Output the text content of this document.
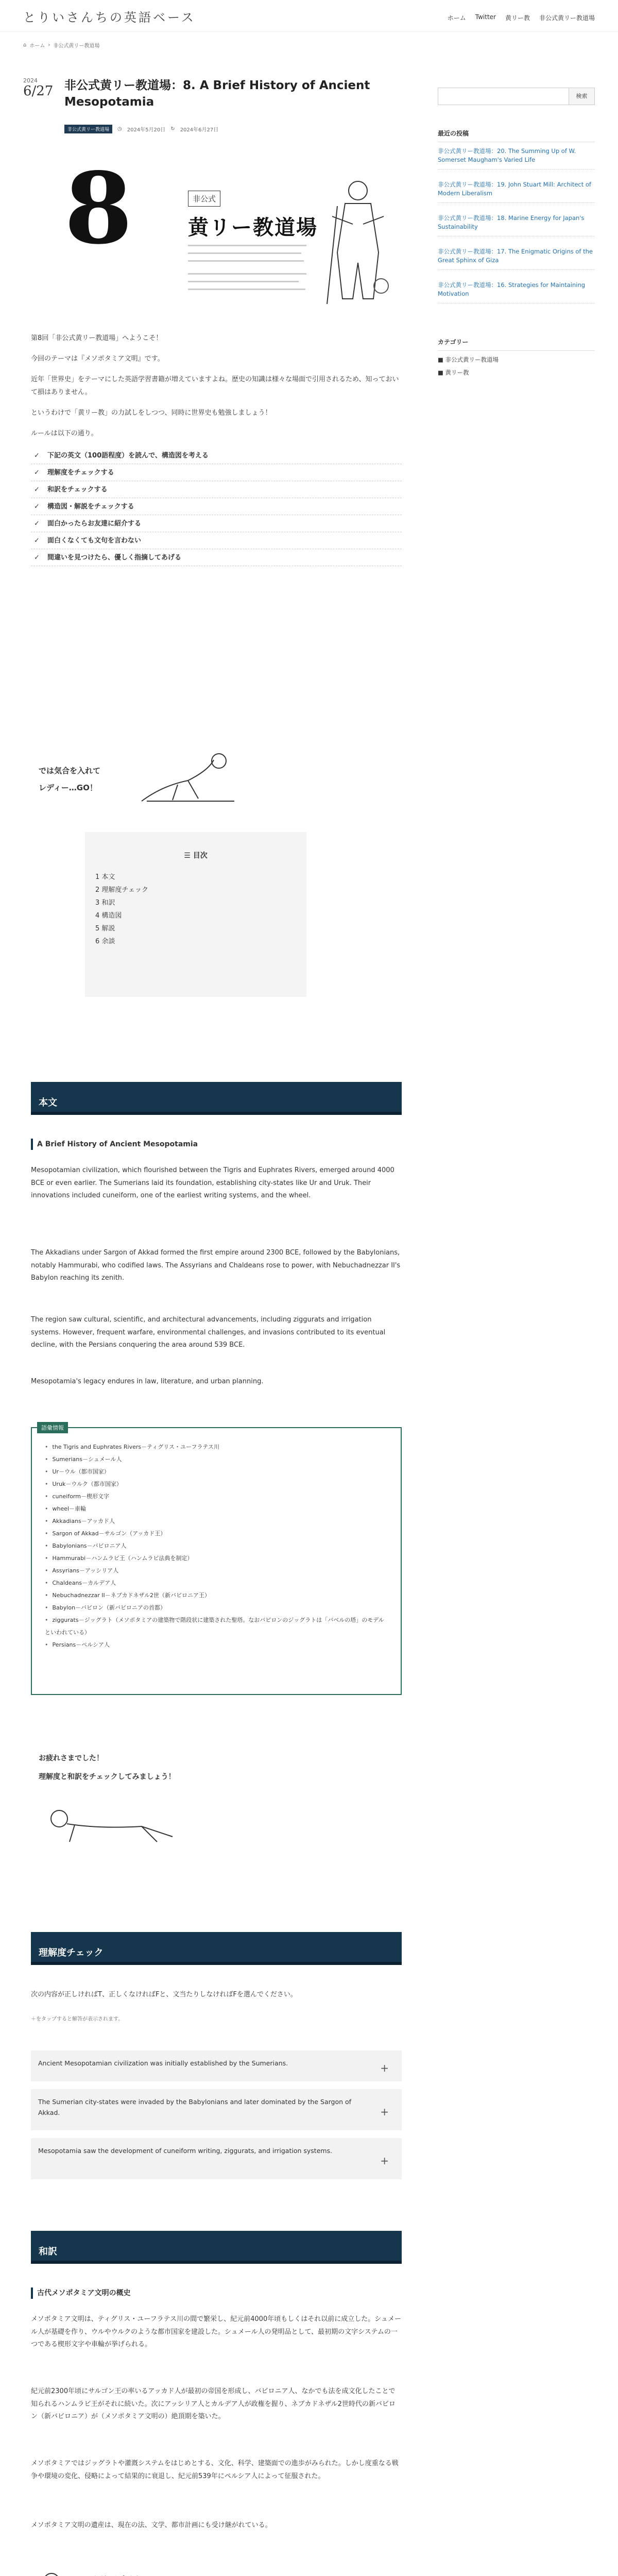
とりいさんちの英語ベース	ホーム Twitter 黄リー教 非公式黄リー教道場
⌂ ホーム › 非公式黄リー教道場
2024
6/27 非公式黄リー教道場：8. A Brief History of Ancient Mesopotamia
非公式黄リー教道場	◷ 2024年5月20日 ↻ 2024年6月27日
8	非公式
黄リー教道場

第8回「非公式黄リー教道場」へようこそ！

今回のテーマは『メソポタミア文明』です。

近年「世界史」をテーマにした英語学習書籍が増えていますよね。歴史の知識は様々な場面で引用されるため、知っておいて損はありません。

というわけで「黄リー教」の力試しをしつつ、同時に世界史も勉強しましょう！

ルールは以下の通り。

✓	下記の英文（100語程度）を読んで、構造図を考える
✓	理解度をチェックする
✓	和訳をチェックする
✓	構造図・解説をチェックする
✓	面白かったらお友達に紹介する
✓	面白くなくても文句を言わない
✓	間違いを見つけたら、優しく指摘してあげる
では気合を入れて
レディー…GO！
☰ 目次
1 本文
2 理解度チェック
3 和訳
4 構造図
5 解説
6 余談
本文
A Brief History of Ancient Mesopotamia

Mesopotamian civilization, which flourished between the Tigris and Euphrates Rivers, emerged around 4000 BCE or even earlier. The Sumerians laid its foundation, establishing city-states like Ur and Uruk. Their innovations included cuneiform, one of the earliest writing systems, and the wheel.

The Akkadians under Sargon of Akkad formed the first empire around 2300 BCE, followed by the Babylonians, notably Hammurabi, who codified laws. The Assyrians and Chaldeans rose to power, with Nebuchadnezzar II's Babylon reaching its zenith.

The region saw cultural, scientific, and architectural advancements, including ziggurats and irrigation systems. However, frequent warfare, environmental challenges, and invasions contributed to its eventual decline, with the Persians conquering the area around 539 BCE.

Mesopotamia's legacy endures in law, literature, and urban planning.

語彙情報
• the Tigris and Euphrates Rivers－ティグリス・ユーフラテス川
• Sumerians－シュメール人
• Ur－ウル（都市国家）
• Uruk－ウルク（都市国家）
• cuneiform－楔形文字
• wheel－車輪
• Akkadians－アッカド人
• Sargon of Akkad－サルゴン（アッカド王）
• Babylonians－バビロニア人
• Hammurabi－ハンムラビ王（ハンムラビ法典を制定）
• Assyrians－アッシリア人
• Chaldeans－カルデア人
• Nebuchadnezzar II－ネブカドネザル2世（新バビロニア王）
• Babylon－バビロン（新バビロニアの首都）
• ziggurats－ジッグラト（メソポタミアの建築物で階段状に建築された聖塔。なおバビロンのジッグラトは「バベルの塔」のモデルといわれている）
• Persians－ペルシア人
お疲れさまでした！
理解度と和訳をチェックしてみましょう！
理解度チェック

次の内容が正しければT、正しくなければFと、文当たりしなければFを選んでください。

＋をタップすると解答が表示されます。

Ancient Mesopotamian civilization was initially established by the Sumerians.	+
The Sumerian city-states were invaded by the Babylonians and later dominated by the Sargon of Akkad.	+
Mesopotamia saw the development of cuneiform writing, ziggurats, and irrigation systems.
+
和訳
古代メソポタミア文明の概史

メソポタミア文明は、ティグリス・ユーフラテス川の間で繁栄し、紀元前4000年頃もしくはそれ以前に成立した。シュメール人が基礎を作り、ウルやウルクのような都市国家を建設した。シュメール人の発明品として、最初期の文字システムの一つである楔形文字や車輪が挙げられる。

紀元前2300年頃にサルゴン王の率いるアッカド人が最初の帝国を形成し、バビロニア人、なかでも法を成文化したことで知られるハンムラビ王がそれに続いた。次にアッシリア人とカルデア人が政権を握り、ネブカドネザル2世時代の新バビロン（新バビロニア）が（メソポタミア文明の）絶頂期を築いた。

メソポタミアではジッグラトや灌漑システムをはじめとする、文化、科学、建築面での進歩がみられた。しかし度重なる戦争や環境の変化、侵略によって結果的に衰退し、紀元前539年にペルシア人によって征服された。

メソポタミア文明の遺産は、現在の法、文学、都市計画にも受け継がれている。

検索
最近の投稿
非公式黄リー教道場：20. The Summing Up of W. Somerset Maugham's Varied Life
非公式黄リー教道場：19. John Stuart Mill: Architect of Modern Liberalism
非公式黄リー教道場：18. Marine Energy for Japan's Sustainability
非公式黄リー教道場：17. The Enigmatic Origins of the Great Sphinx of Giza
非公式黄リー教道場：16. Strategies for Maintaining Motivation
カテゴリー
■ 非公式黄リー教道場
■ 黄リー教
